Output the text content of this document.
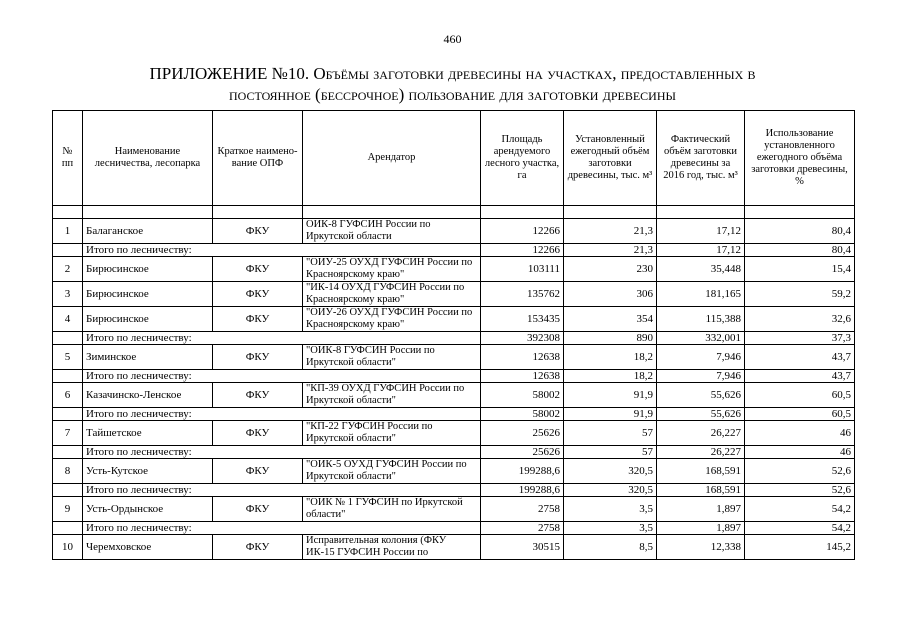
460
ПРИЛОЖЕНИЕ №10. Объёмы заготовки древесины на участках, предоставленных в
постоянное (бессрочное) пользование для заготовки древесины
№ пп	Наименование лесничества, лесопарка	Краткое наимено-вание ОПФ	Арендатор	Площадь арендуемого лесного участка, га	Установленный ежегодный объём заготовки древесины, тыс. м³	Фактический объём заготовки древесины за 2016 год, тыс. м³	Использование установленного ежегодного объёма заготовки древесины, %

1	Балаганское	ФКУ	ОИК-8 ГУФСИН России по Иркутской области	12266	21,3	17,12	80,4
	Итого по лесничеству:			12266	21,3	17,12	80,4
2	Бирюсинское	ФКУ	"ОИУ-25 ОУХД ГУФСИН России по Красноярскому краю"	103111	230	35,448	15,4
3	Бирюсинское	ФКУ	"ИК-14 ОУХД ГУФСИН России по Красноярскому краю"	135762	306	181,165	59,2
4	Бирюсинское	ФКУ	"ОИУ-26 ОУХД ГУФСИН России по Красноярскому краю"	153435	354	115,388	32,6
	Итого по лесничеству:			392308	890	332,001	37,3
5	Зиминское	ФКУ	"ОИК-8 ГУФСИН России по Иркутской области"	12638	18,2	7,946	43,7
	Итого по лесничеству:			12638	18,2	7,946	43,7
6	Казачинско-Ленское	ФКУ	"КП-39 ОУХД ГУФСИН России по Иркутской области"	58002	91,9	55,626	60,5
	Итого по лесничеству:			58002	91,9	55,626	60,5
7	Тайшетское	ФКУ	"КП-22 ГУФСИН России по Иркутской области"	25626	57	26,227	46
	Итого по лесничеству:			25626	57	26,227	46
8	Усть-Кутское	ФКУ	"ОИК-5 ОУХД ГУФСИН России по Иркутской области"	199288,6	320,5	168,591	52,6
	Итого по лесничеству:			199288,6	320,5	168,591	52,6
9	Усть-Ордынское	ФКУ	"ОИК № 1 ГУФСИН по Иркутской области"	2758	3,5	1,897	54,2
	Итого по лесничеству:			2758	3,5	1,897	54,2
10	Черемховское	ФКУ	Исправительная колония (ФКУ ИК-15 ГУФСИН России по	30515	8,5	12,338	145,2
